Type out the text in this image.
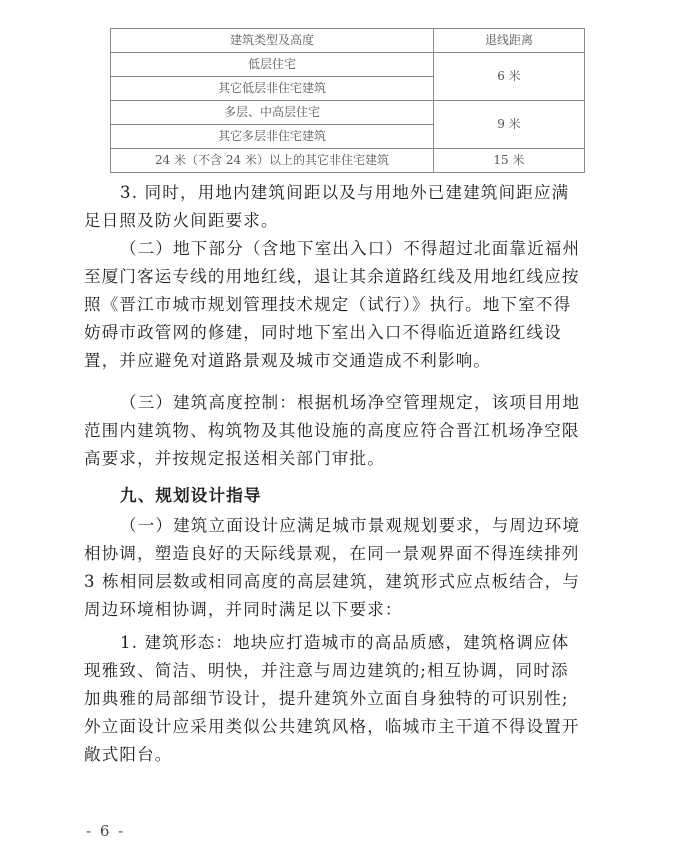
建筑类型及高度	退线距离
低层住宅	6 米
其它低层非住宅建筑	
多层、中高层住宅	9 米
其它多层非住宅建筑	
24 米（不含 24 米）以上的其它非住宅建筑	15 米

3. 同时，用地内建筑间距以及与用地外已建建筑间距应满
足日照及防火间距要求。

（二）地下部分（含地下室出入口）不得超过北面靠近福州
至厦门客运专线的用地红线，退让其余道路红线及用地红线应按
照《晋江市城市规划管理技术规定（试行）》执行。地下室不得
妨碍市政管网的修建，同时地下室出入口不得临近道路红线设
置，并应避免对道路景观及城市交通造成不利影响。

（三）建筑高度控制：根据机场净空管理规定，该项目用地
范围内建筑物、构筑物及其他设施的高度应符合晋江机场净空限
高要求，并按规定报送相关部门审批。

九、规划设计指导

（一）建筑立面设计应满足城市景观规划要求，与周边环境
相协调，塑造良好的天际线景观，在同一景观界面不得连续排列
3 栋相同层数或相同高度的高层建筑，建筑形式应点板结合，与
周边环境相协调，并同时满足以下要求：

1. 建筑形态：地块应打造城市的高品质感，建筑格调应体
现雅致、简洁、明快，并注意与周边建筑的;相互协调，同时添
加典雅的局部细节设计，提升建筑外立面自身独特的可识别性;
外立面设计应采用类似公共建筑风格，临城市主干道不得设置开
敞式阳台。

- 6 -
